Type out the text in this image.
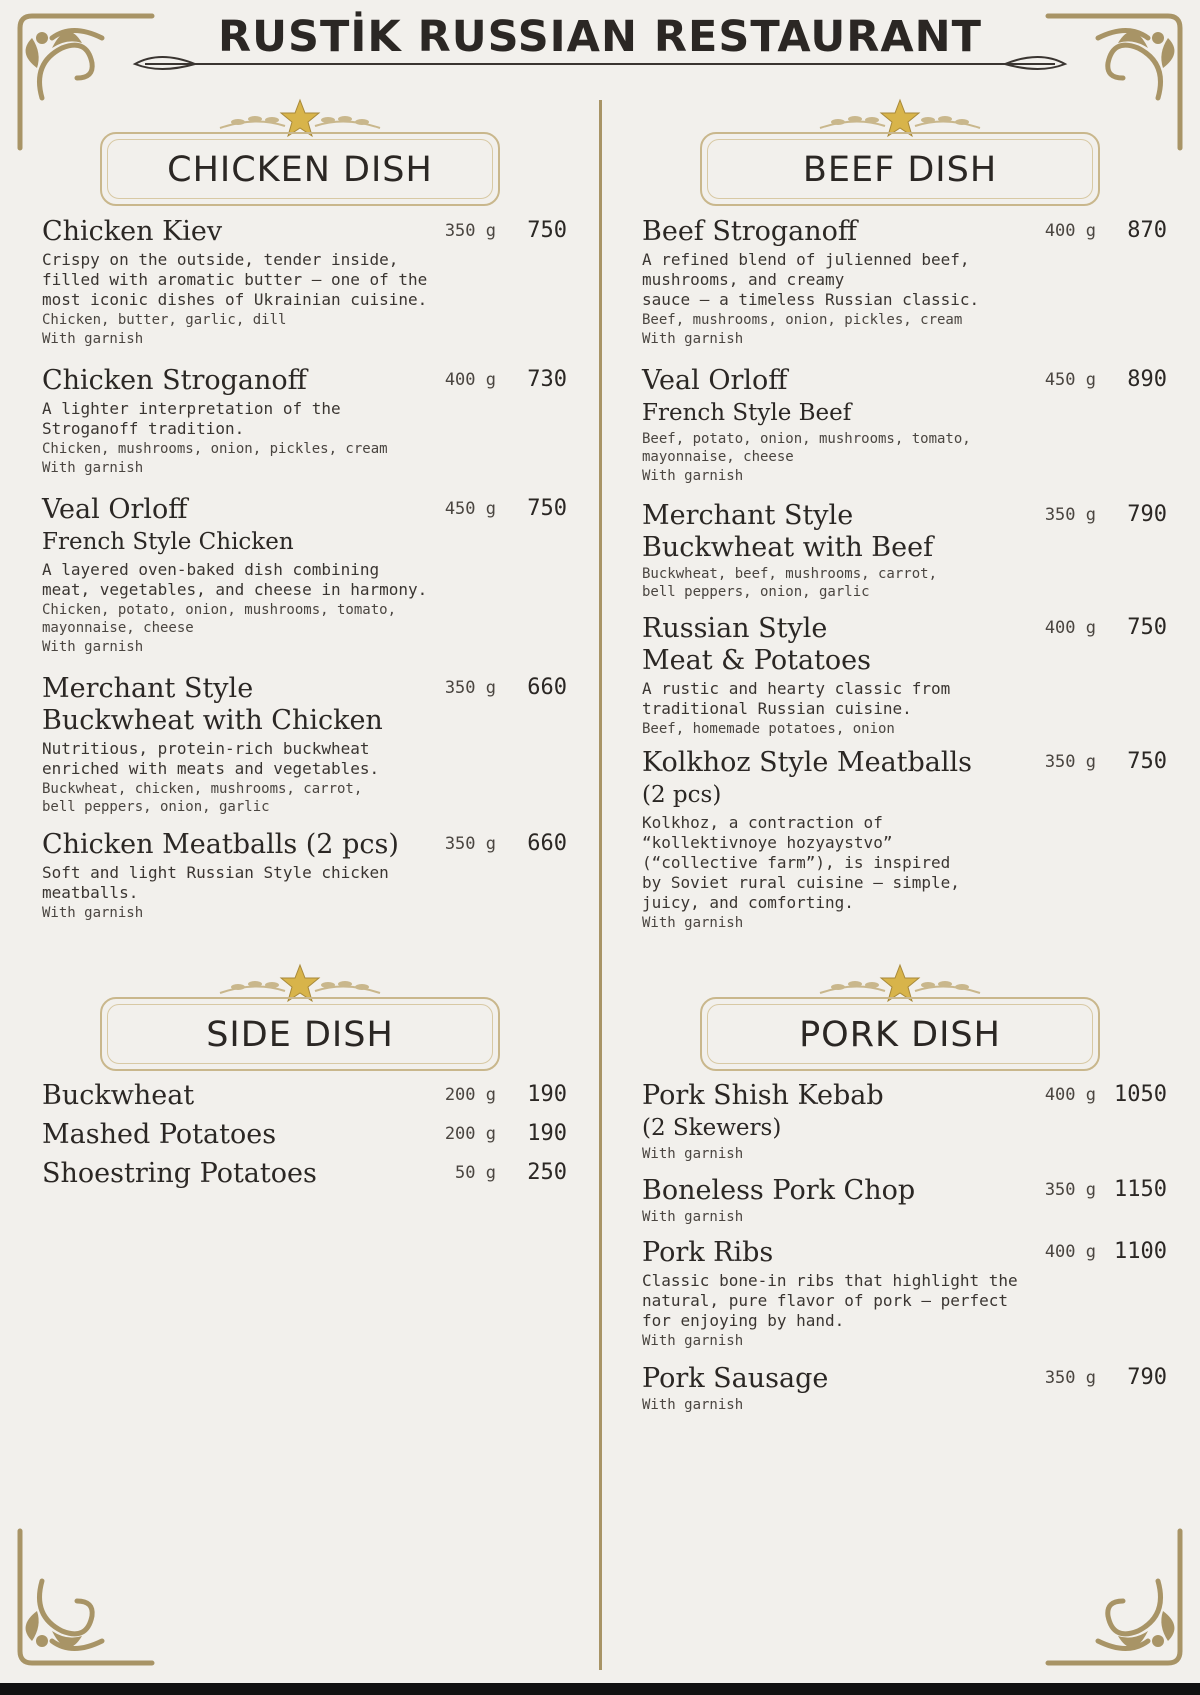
RUSTİK RUSSIAN RESTAURANT
CHICKEN DISH	BEEF DISH
SIDE DISH	PORK DISH
Chicken Kiev
Crispy on the outside, tender inside,
filled with aromatic butter — one of the
most iconic dishes of Ukrainian cuisine.
Chicken, butter, garlic, dill
With garnish
350 g	750
Chicken Stroganoff
A lighter interpretation of the
Stroganoff tradition.
Chicken, mushrooms, onion, pickles, cream
With garnish
400 g	730
Veal Orloff
French Style Chicken
A layered oven-baked dish combining
meat, vegetables, and cheese in harmony.
Chicken, potato, onion, mushrooms, tomato,
mayonnaise, cheese
With garnish
450 g	750
Merchant Style
Buckwheat with Chicken
Nutritious, protein-rich buckwheat
enriched with meats and vegetables.
Buckwheat, chicken, mushrooms, carrot,
bell peppers, onion, garlic
350 g	660
Chicken Meatballs (2 pcs)
Soft and light Russian Style chicken
meatballs.
With garnish
350 g	660
Beef Stroganoff
A refined blend of julienned beef,
mushrooms, and creamy
sauce — a timeless Russian classic.
Beef, mushrooms, onion, pickles, cream
With garnish
400 g	870
Veal Orloff
French Style Beef
Beef, potato, onion, mushrooms, tomato,
mayonnaise, cheese
With garnish
450 g	890
Merchant Style
Buckwheat with Beef
Buckwheat, beef, mushrooms, carrot,
bell peppers, onion, garlic
350 g	790
Russian Style
Meat & Potatoes
A rustic and hearty classic from
traditional Russian cuisine.
Beef, homemade potatoes, onion
400 g	750
Kolkhoz Style Meatballs
(2 pcs)
Kolkhoz, a contraction of
“kollektivnoye hozyaystvo”
(“collective farm”), is inspired
by Soviet rural cuisine — simple,
juicy, and comforting.
With garnish
350 g	750
Buckwheat	200 g	190
Mashed Potatoes	200 g	190
Shoestring Potatoes	50 g	250
Pork Shish Kebab
(2 Skewers)
With garnish
400 g 1050
Boneless Pork Chop
With garnish
350 g 1150
Pork Ribs
Classic bone-in ribs that highlight the
natural, pure flavor of pork — perfect
for enjoying by hand.
With garnish
400 g 1100
Pork Sausage
With garnish
350 g	790
